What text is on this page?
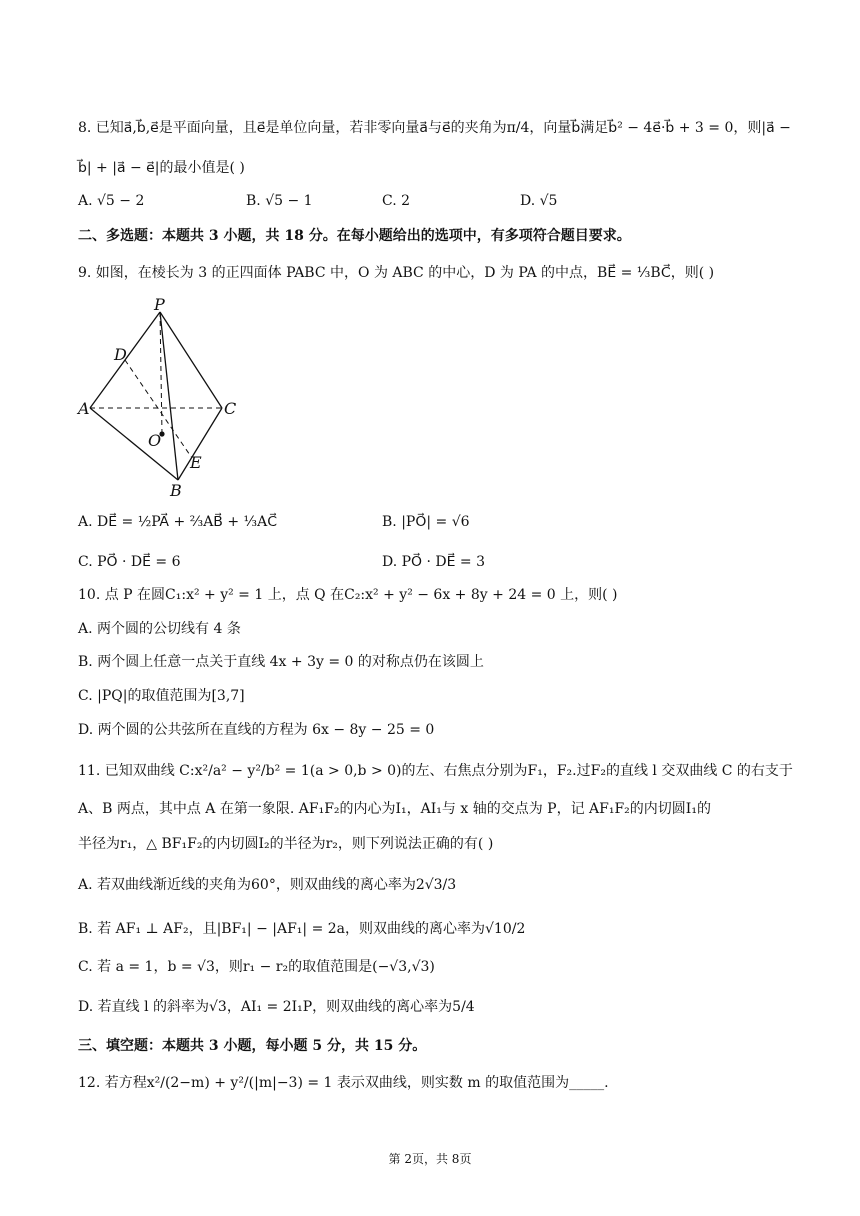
8. 已知a⃗,b⃗,e⃗是平面向量，且e⃗是单位向量，若非零向量a⃗与e⃗的夹角为π/4，向量b⃗满足b⃗² − 4e⃗·b⃗ + 3 = 0，则|a⃗ −
b⃗| + |a⃗ − e⃗|的最小值是( )
A. √5 − 2	B. √5 − 1	C. 2	D. √5
二、多选题：本题共 3 小题，共 18 分。在每小题给出的选项中，有多项符合题目要求。
9. 如图，在棱长为 3 的正四面体 PABC 中，O 为 ABC 的中心，D 为 PA 的中点，BE⃗ = ⅓BC⃗，则( )
P
D
A	C
O
E
B
A. DE⃗ = ½PA⃗ + ⅔AB⃗ + ⅓AC⃗	B. |PO⃗| = √6
C. PO⃗ · DE⃗ = 6	D. PO⃗ · DE⃗ = 3
10. 点 P 在圆C₁:x² + y² = 1 上，点 Q 在C₂:x² + y² − 6x + 8y + 24 = 0 上，则( )
A. 两个圆的公切线有 4 条
B. 两个圆上任意一点关于直线 4x + 3y = 0 的对称点仍在该圆上
C. |PQ|的取值范围为[3,7]
D. 两个圆的公共弦所在直线的方程为 6x − 8y − 25 = 0
11. 已知双曲线 C:x²/a² − y²/b² = 1(a > 0,b > 0)的左、右焦点分别为F₁，F₂.过F₂的直线 l 交双曲线 C 的右支于
A、B 两点，其中点 A 在第一象限. AF₁F₂的内心为I₁，AI₁与 x 轴的交点为 P，记 AF₁F₂的内切圆I₁的
半径为r₁，△ BF₁F₂的内切圆I₂的半径为r₂，则下列说法正确的有( )
A. 若双曲线渐近线的夹角为60°，则双曲线的离心率为2√3/3
B. 若 AF₁ ⊥ AF₂，且|BF₁| − |AF₁| = 2a，则双曲线的离心率为√10/2
C. 若 a = 1，b = √3，则r₁ − r₂的取值范围是(−√3,√3)
D. 若直线 l 的斜率为√3，AI₁ = 2I₁P，则双曲线的离心率为5/4
三、填空题：本题共 3 小题，每小题 5 分，共 15 分。
12. 若方程x²/(2−m) + y²/(|m|−3) = 1 表示双曲线，则实数 m 的取值范围为_____.
第 2页，共 8页
